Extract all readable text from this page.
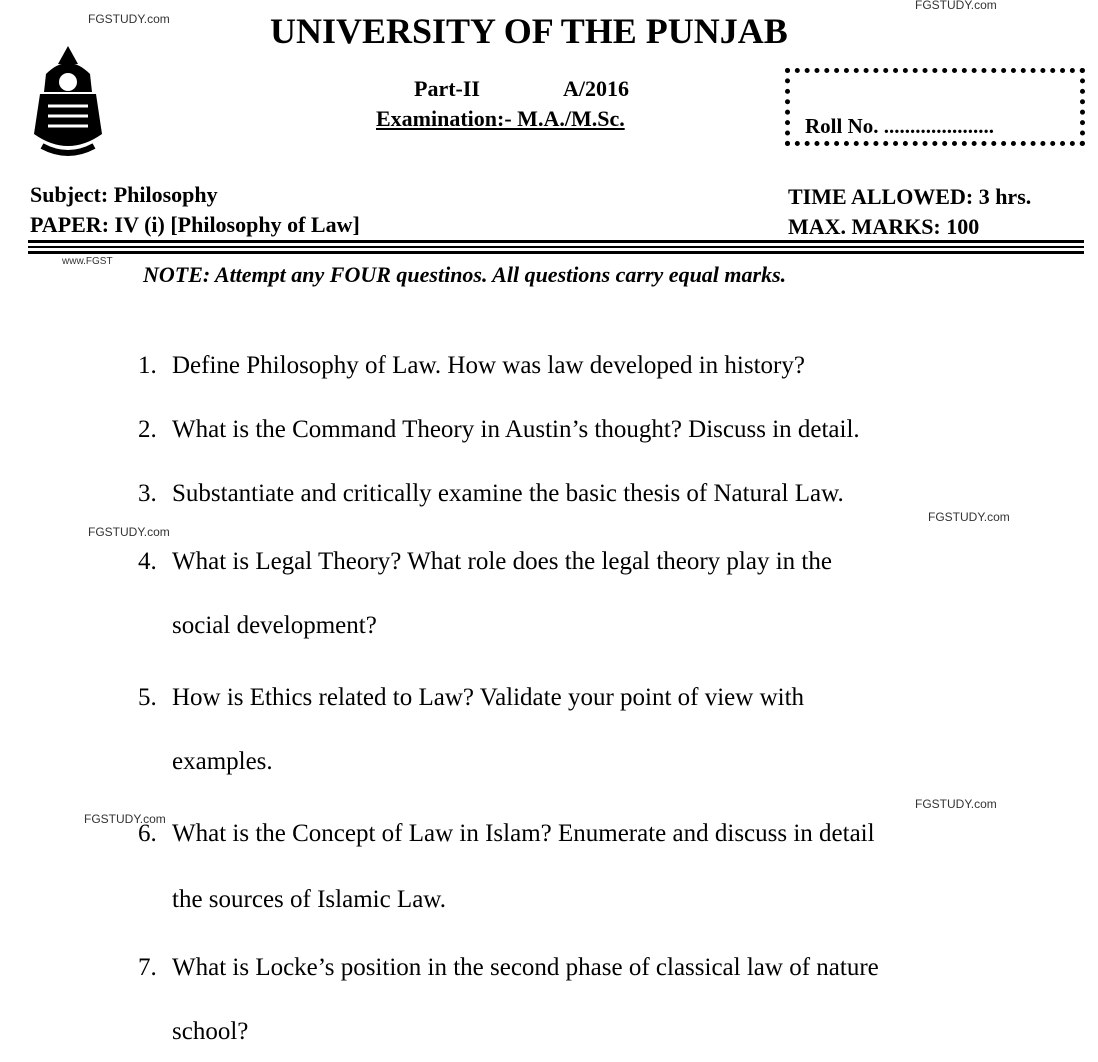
FGSTUDY.com
FGSTUDY.com
www.FGST
FGSTUDY.com
FGSTUDY.com
FGSTUDY.com
FGSTUDY.com
UNIVERSITY OF THE PUNJAB
Part-II	A/2016
Examination:- M.A./M.Sc.	Roll No. .....................
Subject: Philosophy
PAPER: IV (i) [Philosophy of Law]
TIME ALLOWED: 3 hrs.
MAX. MARKS: 100
NOTE: Attempt any FOUR questinos. All questions carry equal marks.
1. Define Philosophy of Law. How was law developed in history?
2. What is the Command Theory in Austin’s thought? Discuss in detail.
3. Substantiate and critically examine the basic thesis of Natural Law.
4. What is Legal Theory? What role does the legal theory play in the
social development?
5. How is Ethics related to Law? Validate your point of view with
examples.
6. What is the Concept of Law in Islam? Enumerate and discuss in detail
the sources of Islamic Law.
7. What is Locke’s position in the second phase of classical law of nature
school?
